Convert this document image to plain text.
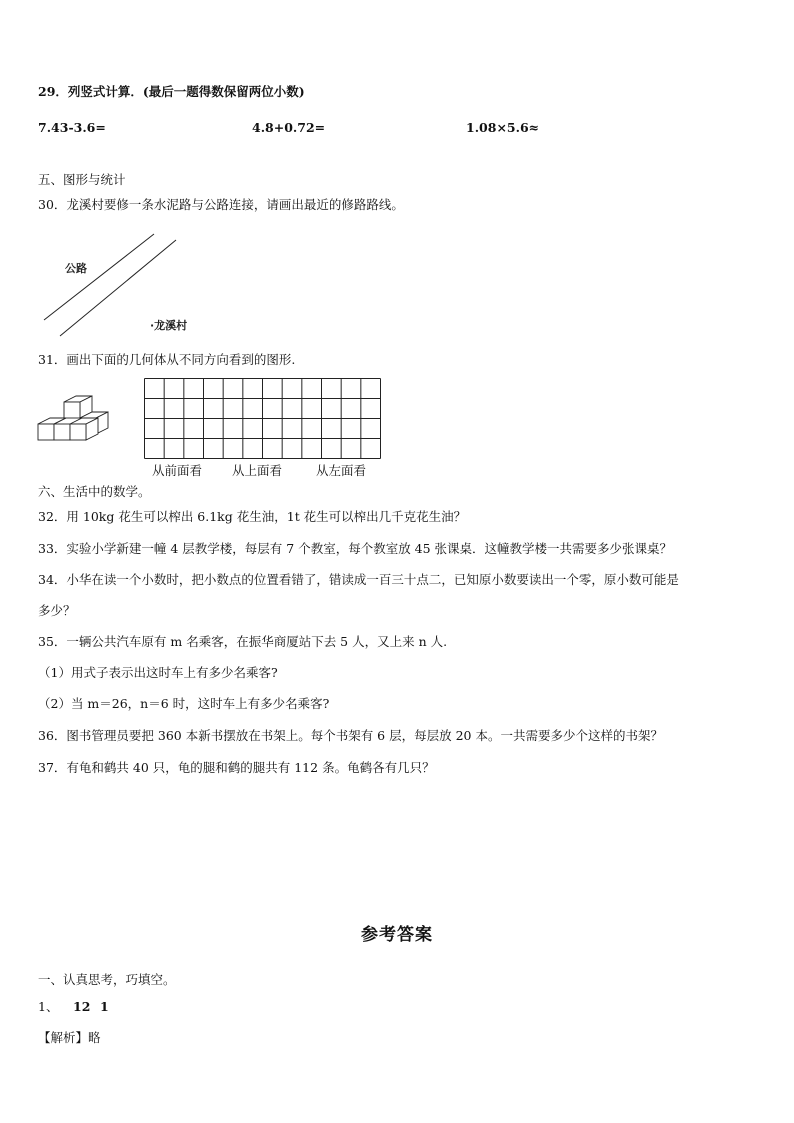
29．列竖式计算．(最后一题得数保留两位小数)
7.43-3.6=	4.8+0.72=	1.08×5.6≈
五、图形与统计
30．龙溪村要修一条水泥路与公路连接，请画出最近的修路路线。
公路
·龙溪村
31．画出下面的几何体从不同方向看到的图形.
从前面看 从上面看	从左面看
六、生活中的数学。
32．用 10kg 花生可以榨出 6.1kg 花生油，1t 花生可以榨出几千克花生油？
33．实验小学新建一幢 4 层教学楼，每层有 7 个教室，每个教室放 45 张课桌．这幢教学楼一共需要多少张课桌？
34．小华在读一个小数时，把小数点的位置看错了，错读成一百三十点二，已知原小数要读出一个零，原小数可能是
多少？
35．一辆公共汽车原有 m 名乘客，在振华商厦站下去 5 人，又上来 n 人.
（1）用式子表示出这时车上有多少名乘客?
（2）当 m＝26，n＝6 时，这时车上有多少名乘客?
36．图书管理员要把 360 本新书摆放在书架上。每个书架有 6 层，每层放 20 本。一共需要多少个这样的书架？
37．有龟和鹤共 40 只，龟的腿和鹤的腿共有 112 条。龟鹤各有几只？
参考答案
一、认真思考，巧填空。
1、 12 1
【解析】略
